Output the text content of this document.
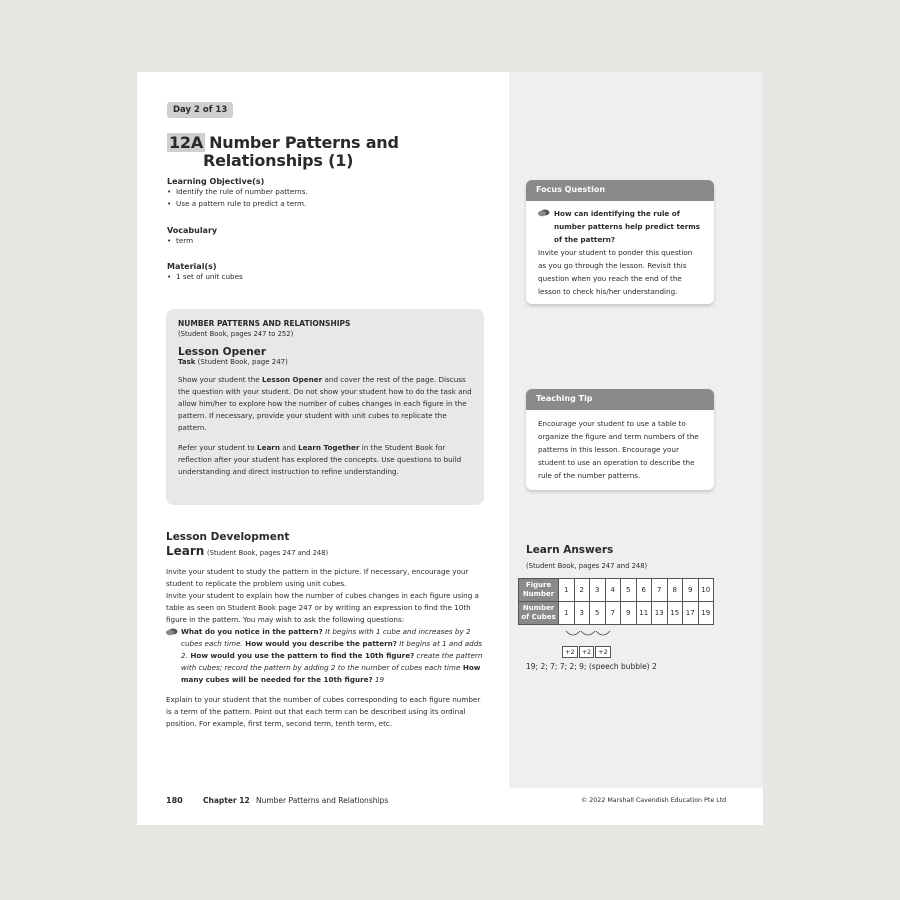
Day 2 of 13
12A Number Patterns and
Relationships (1)
Learning Objective(s)
• Identify the rule of number patterns.
• Use a pattern rule to predict a term.
Vocabulary
• term
Material(s)
• 1 set of unit cubes
NUMBER PATTERNS AND RELATIONSHIPS
(Student Book, pages 247 to 252)
Lesson Opener
Task (Student Book, page 247)
Show your student the Lesson Opener and cover the rest of the page. Discuss the question with your student. Do not show your student how to do the task and allow him/her to explore how the number of cubes changes in each figure in the pattern. If necessary, provide your student with unit cubes to replicate the pattern.
Refer your student to Learn and Learn Together in the Student Book for reflection after your student has explored the concepts. Use questions to build understanding and direct instruction to refine understanding.
Lesson Development
Learn (Student Book, pages 247 and 248)
Invite your student to study the pattern in the picture. If necessary, encourage your student to replicate the problem using unit cubes.
Invite your student to explain how the number of cubes changes in each figure using a table as seen on Student Book page 247 or by writing an expression to find the 10th figure in the pattern. You may wish to ask the following questions:
What do you notice in the pattern? It begins with 1 cube and increases by 2 cubes each time. How would you describe the pattern? It begins at 1 and adds 2. How would you use the pattern to find the 10th figure? create the pattern with cubes; record the pattern by adding 2 to the number of cubes each time How many cubes will be needed for the 10th figure? 19
Explain to your student that the number of cubes corresponding to each figure number is a term of the pattern. Point out that each term can be described using its ordinal position. For example, first term, second term, tenth term, etc.
Focus Question
How can identifying the rule of number patterns help predict terms of the pattern?
Invite your student to ponder this question as you go through the lesson. Revisit this question when you reach the end of the lesson to check his/her understanding.
Teaching Tip
Encourage your student to use a table to organize the figure and term numbers of the patterns in this lesson. Encourage your student to use an operation to describe the rule of the number patterns.
Learn Answers
(Student Book, pages 247 and 248)
Figure
Number	1	2	3	4	5	6	7	8	9	10
Number
of Cubes	1	3	5	7	9	11	13	15	17	19
+2 +2 +2
19; 2; 7; 7; 2; 9; (speech bubble) 2
180	Chapter 12 Number Patterns and Relationships	© 2022 Marshall Cavendish Education Pte Ltd
